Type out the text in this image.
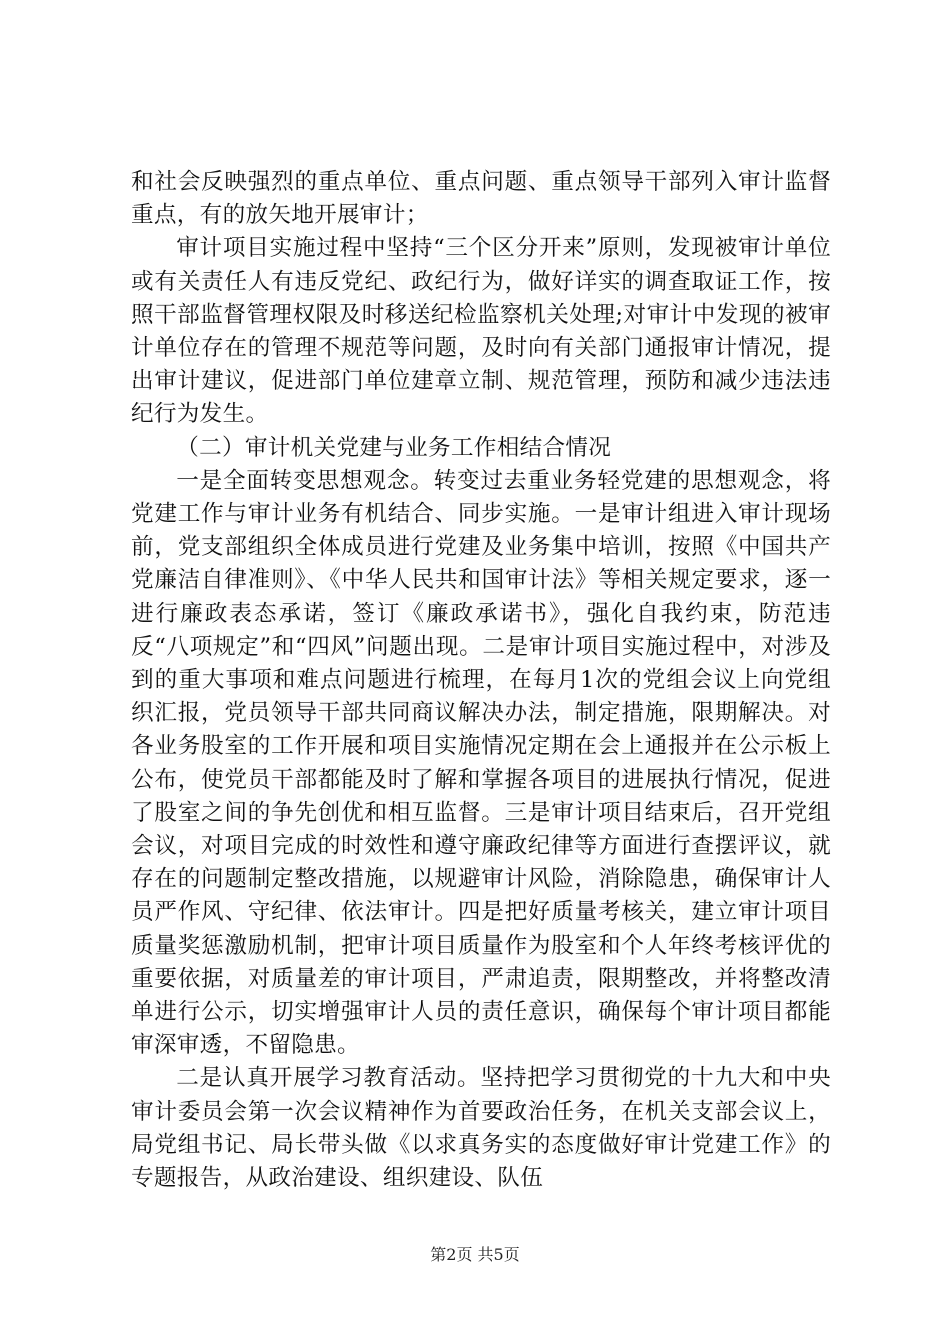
和社会反映强烈的重点单位、重点问题、重点领导干部列入审计监督重点，有的放矢地开展审计；

审计项目实施过程中坚持“三个区分开来”原则，发现被审计单位或有关责任人有违反党纪、政纪行为，做好详实的调查取证工作，按照干部监督管理权限及时移送纪检监察机关处理;对审计中发现的被审计单位存在的管理不规范等问题，及时向有关部门通报审计情况，提出审计建议，促进部门单位建章立制、规范管理，预防和减少违法违纪行为发生。

（二）审计机关党建与业务工作相结合情况

一是全面转变思想观念。转变过去重业务轻党建的思想观念，将党建工作与审计业务有机结合、同步实施。一是审计组进入审计现场前，党支部组织全体成员进行党建及业务集中培训，按照《中国共产党廉洁自律准则》、《中华人民共和国审计法》等相关规定要求，逐一进行廉政表态承诺，签订《廉政承诺书》，强化自我约束，防范违反“八项规定”和“四风”问题出现。二是审计项目实施过程中，对涉及到的重大事项和难点问题进行梳理，在每月1次的党组会议上向党组织汇报，党员领导干部共同商议解决办法，制定措施，限期解决。对各业务股室的工作开展和项目实施情况定期在会上通报并在公示板上公布，使党员干部都能及时了解和掌握各项目的进展执行情况，促进了股室之间的争先创优和相互监督。三是审计项目结束后，召开党组会议，对项目完成的时效性和遵守廉政纪律等方面进行查摆评议，就存在的问题制定整改措施，以规避审计风险，消除隐患，确保审计人员严作风、守纪律、依法审计。四是把好质量考核关，建立审计项目质量奖惩激励机制，把审计项目质量作为股室和个人年终考核评优的重要依据，对质量差的审计项目，严肃追责，限期整改，并将整改清单进行公示，切实增强审计人员的责任意识，确保每个审计项目都能审深审透，不留隐患。

二是认真开展学习教育活动。坚持把学习贯彻党的十九大和中央审计委员会第一次会议精神作为首要政治任务，在机关支部会议上，局党组书记、局长带头做《以求真务实的态度做好审计党建工作》的专题报告，从政治建设、组织建设、队伍

第2页 共5页
